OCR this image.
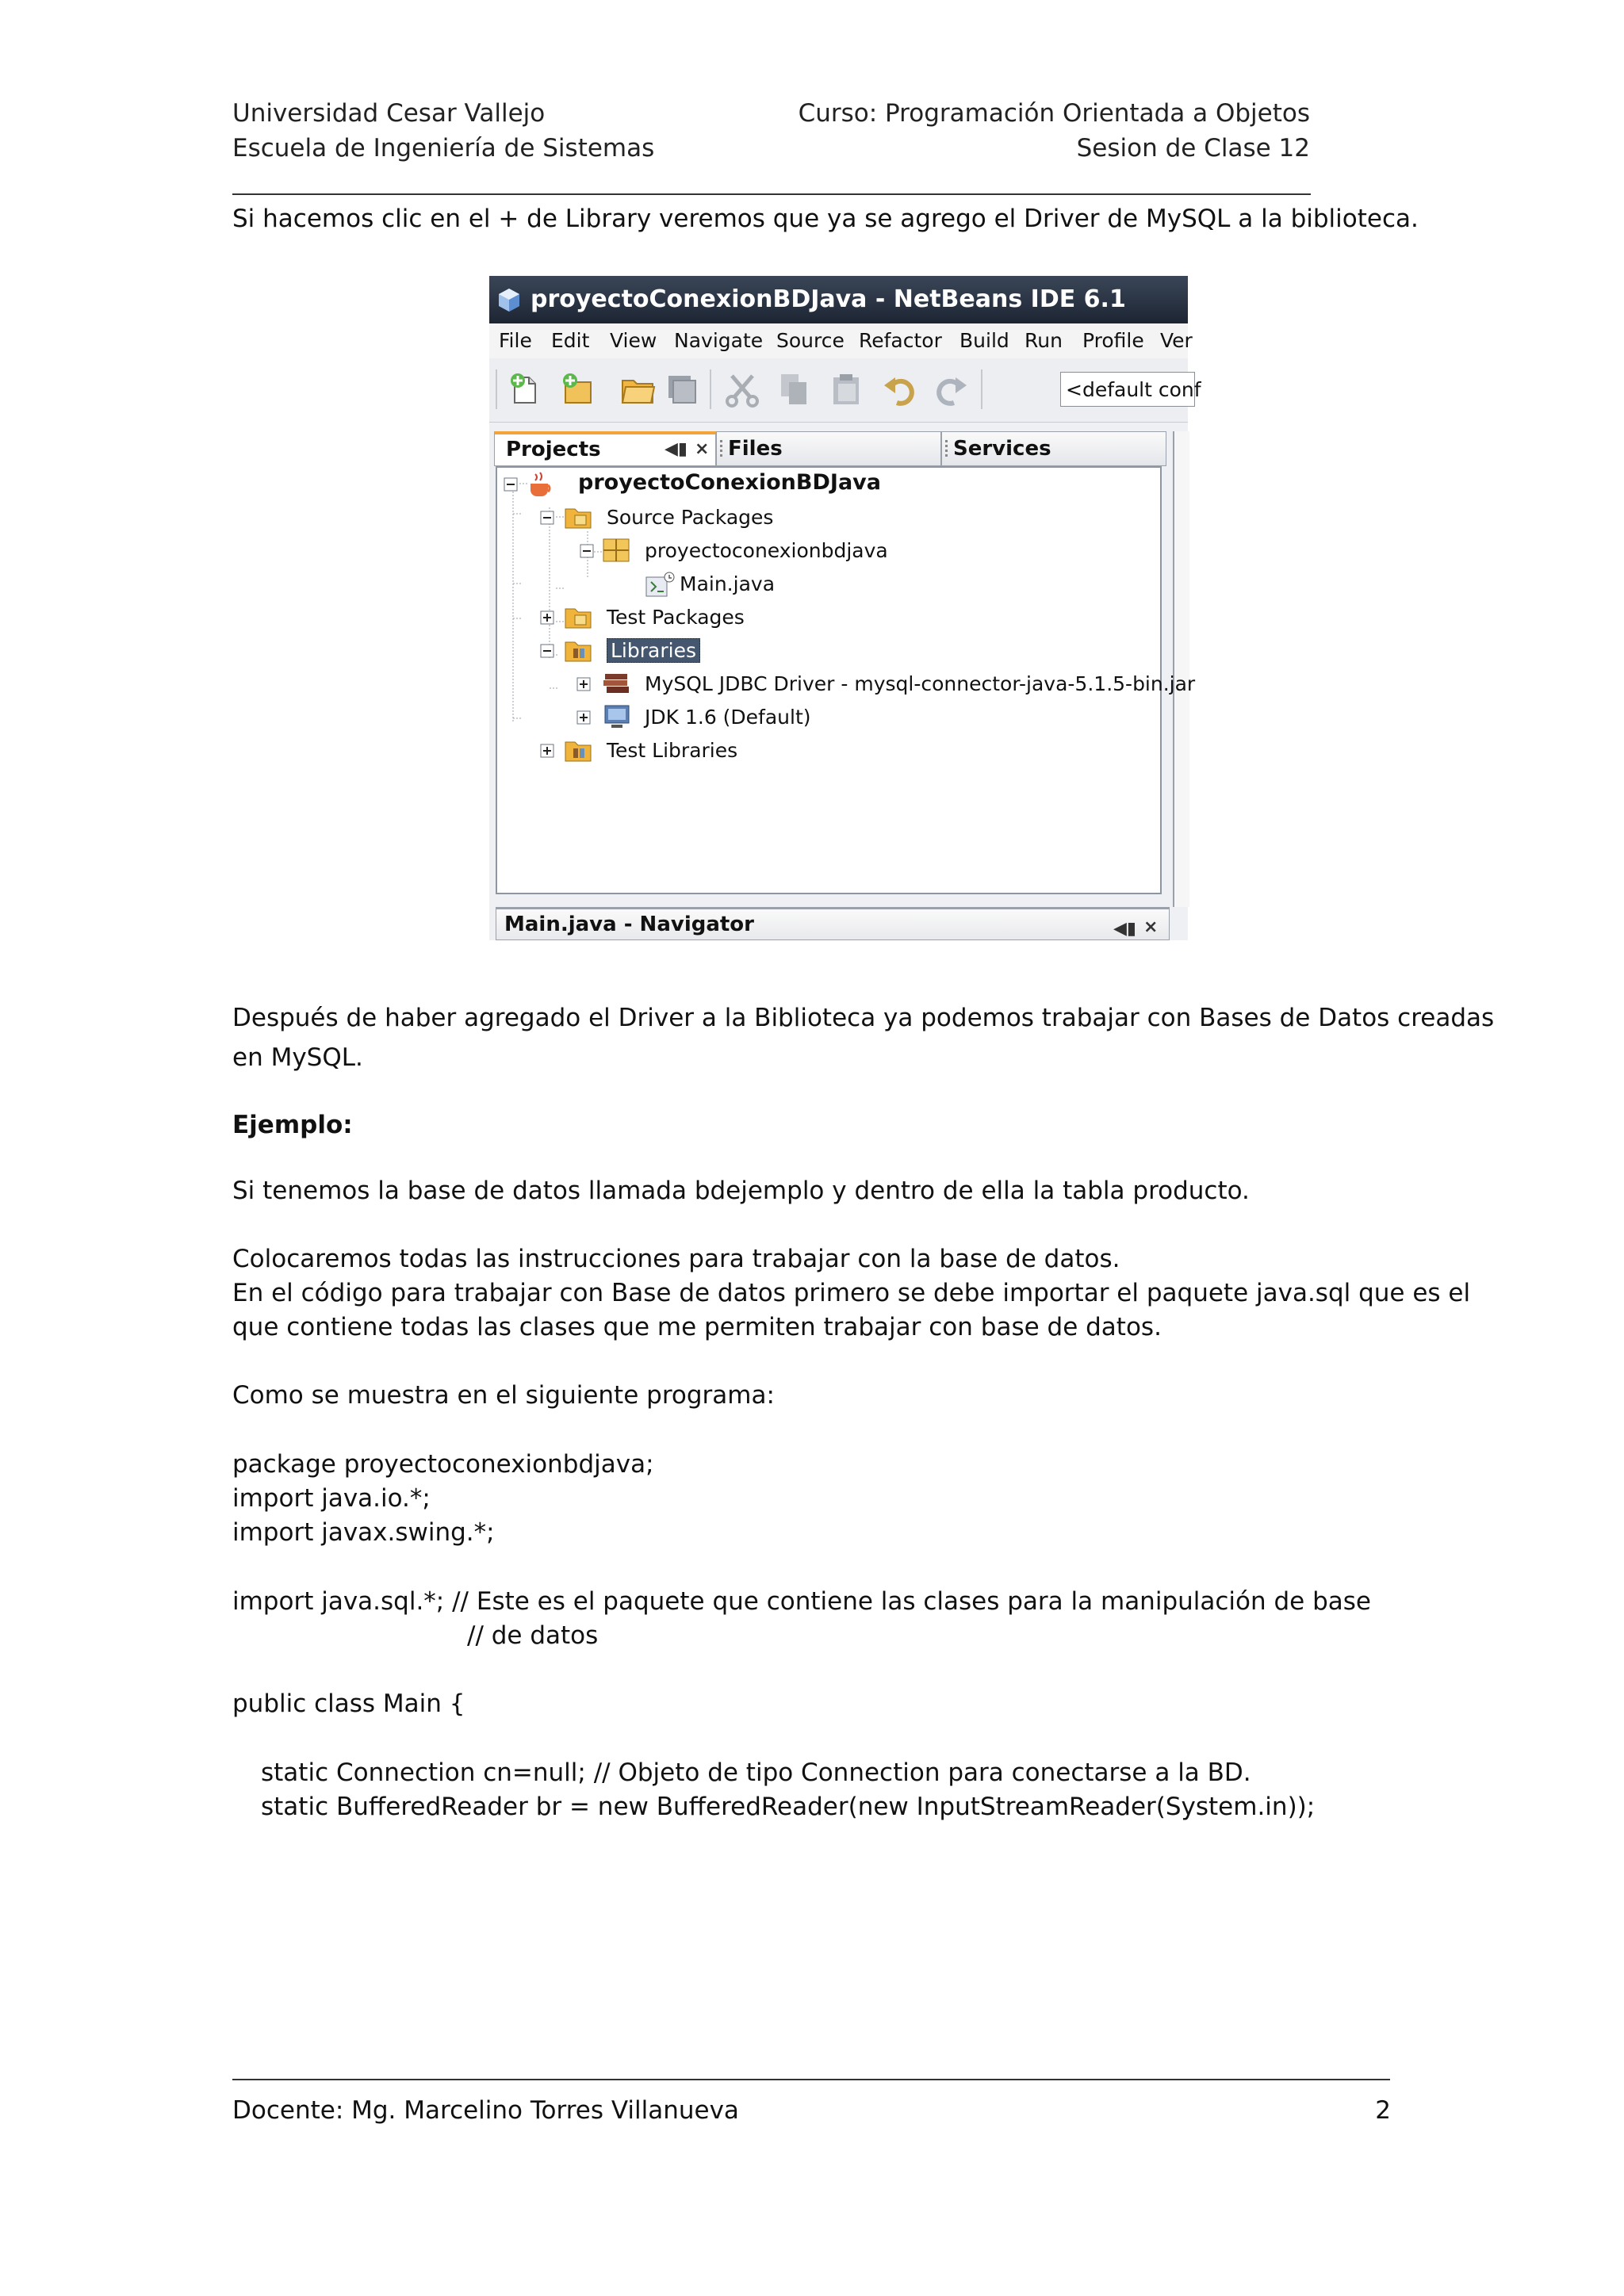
Universidad Cesar Vallejo
Escuela de Ingeniería de Sistemas
Curso: Programación Orientada a Objetos
Sesion de Clase 12
Si hacemos clic en el + de Library veremos que ya se agrego el Driver de MySQL a la biblioteca.
proyectoConexionBDJava - NetBeans IDE 6.1
File Edit View Navigate Source Refactor Build Run Profile Ver
<default conf
Projects	◀▮ × Files	Services
proyectoConexionBDJava
Source Packages
proyectoconexionbdjava
Main.java
Test Packages
Libraries
MySQL JDBC Driver - mysql-connector-java-5.1.5-bin.jar
JDK 1.6 (Default)
Test Libraries
Main.java - Navigator	◀▮ ×
Después de haber agregado el Driver a la Biblioteca ya podemos trabajar con Bases de Datos creadas
en MySQL.
Ejemplo:
Si tenemos la base de datos llamada bdejemplo y dentro de ella la tabla producto.
Colocaremos todas las instrucciones para trabajar con la base de datos.
En el código para trabajar con Base de datos primero se debe importar el paquete java.sql que es el
que contiene todas las clases que me permiten trabajar con base de datos.
Como se muestra en el siguiente programa:
package proyectoconexionbdjava;
import java.io.*;
import javax.swing.*;
import java.sql.*; // Este es el paquete que contiene las clases para la manipulación de base
// de datos
public class Main {
static Connection cn=null; // Objeto de tipo Connection para conectarse a la BD.
static BufferedReader br = new BufferedReader(new InputStreamReader(System.in));
Docente: Mg. Marcelino Torres Villanueva	2
